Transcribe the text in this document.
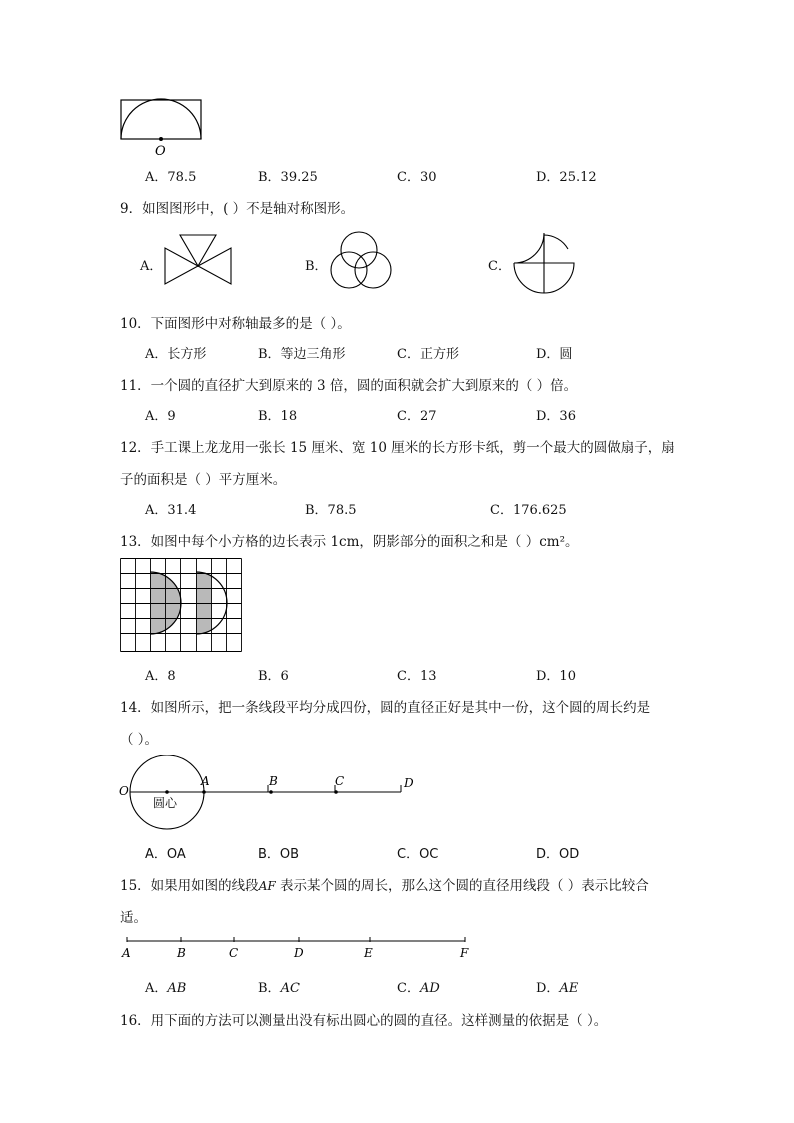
O
A．78.5	B．39.25	C．30	D．25.12
9．如图图形中，( ）不是轴对称图形。
A．	B．	C．
10．下面图形中对称轴最多的是（ ）。
A．长方形	B．等边三角形	C．正方形	D．圆
11．一个圆的直径扩大到原来的 3 倍，圆的面积就会扩大到原来的（ ）倍。
A．9	B．18	C．27	D．36
12．手工课上龙龙用一张长 15 厘米、宽 10 厘米的长方形卡纸，剪一个最大的圆做扇子，扇
子的面积是（ ）平方厘米。
A．31.4	B．78.5	C．176.625
13．如图中每个小方格的边长表示 1cm，阴影部分的面积之和是（ ）cm²。
A．8	B．6	C．13	D．10
14．如图所示，把一条线段平均分成四份，圆的直径正好是其中一份，这个圆的周长约是
（ ）。
O
A	B	C	D
圆心
A．OA	B．OB	C．OC	D．OD
15．如果用如图的线段AF 表示某个圆的周长，那么这个圆的直径用线段（ ）表示比较合
适。
A	B	C	D	E	F
A．AB	B．AC	C．AD	D．AE
16．用下面的方法可以测量出没有标出圆心的圆的直径。这样测量的依据是（ ）。
